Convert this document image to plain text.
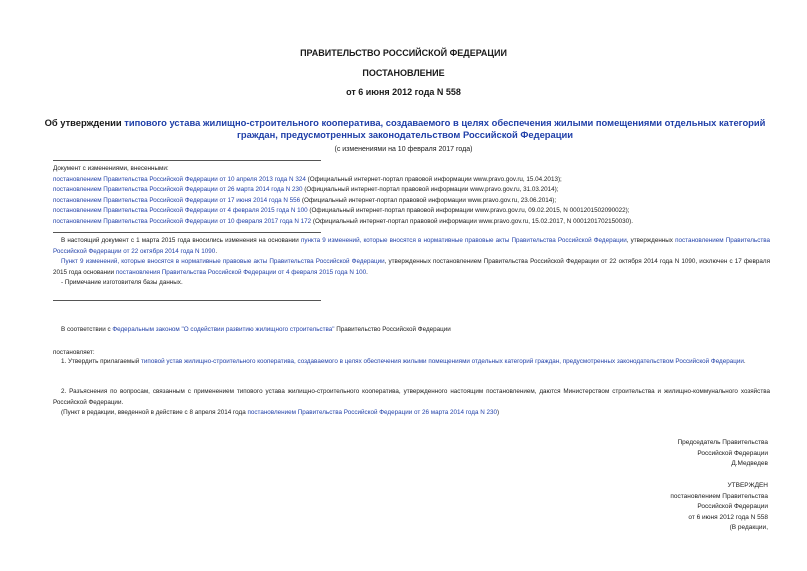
ПРАВИТЕЛЬСТВО РОССИЙСКОЙ ФЕДЕРАЦИИ
ПОСТАНОВЛЕНИЕ
от 6 июня 2012 года N 558
Об утверждении типового устава жилищно-строительного кооператива, создаваемого в целях обеспечения жилыми помещениями отдельных категорий граждан, предусмотренных законодательством Российской Федерации
(с изменениями на 10 февраля 2017 года)
Документ с изменениями, внесенными:
постановлением Правительства Российской Федерации от 10 апреля 2013 года N 324 (Официальный интернет-портал правовой информации www.pravo.gov.ru, 15.04.2013);
постановлением Правительства Российской Федерации от 26 марта 2014 года N 230 (Официальный интернет-портал правовой информации www.pravo.gov.ru, 31.03.2014);
постановлением Правительства Российской Федерации от 17 июня 2014 года N 556 (Официальный интернет-портал правовой информации www.pravo.gov.ru, 23.06.2014);
постановлением Правительства Российской Федерации от 4 февраля 2015 года N 100 (Официальный интернет-портал правовой информации www.pravo.gov.ru, 09.02.2015, N 0001201502090022);
постановлением Правительства Российской Федерации от 10 февраля 2017 года N 172 (Официальный интернет-портал правовой информации www.pravo.gov.ru, 15.02.2017, N 0001201702150030).
В настоящий документ с 1 марта 2015 года вносились изменения на основании пункта 9 изменений, которые вносятся в нормативные правовые акты Правительства Российской Федерации, утвержденных постановлением Правительства Российской Федерации от 22 октября 2014 года N 1090.
Пункт 9 изменений, которые вносятся в нормативные правовые акты Правительства Российской Федерации, утвержденных постановлением Правительства Российской Федерации от 22 октября 2014 года N 1090, исключен с 17 февраля 2015 года основании постановления Правительства Российской Федерации от 4 февраля 2015 года N 100.
- Примечание изготовителя базы данных.
В соответствии с Федеральным законом "О содействии развитию жилищного строительства" Правительство Российской Федерации
постановляет:
1. Утвердить прилагаемый типовой устав жилищно-строительного кооператива, создаваемого в целях обеспечения жилыми помещениями отдельных категорий граждан, предусмотренных законодательством Российской Федерации.
2. Разъяснения по вопросам, связанным с применением типового устава жилищно-строительного кооператива, утвержденного настоящим постановлением, даются Министерством строительства и жилищно-коммунального хозяйства Российской Федерации.
(Пункт в редакции, введенной в действие с 8 апреля 2014 года постановлением Правительства Российской Федерации от 26 марта 2014 года N 230)
Председатель Правительства
Российской Федерации
Д.Медведев
УТВЕРЖДЕН
постановлением Правительства
Российской Федерации
от 6 июня 2012 года N 558
(В редакции,
